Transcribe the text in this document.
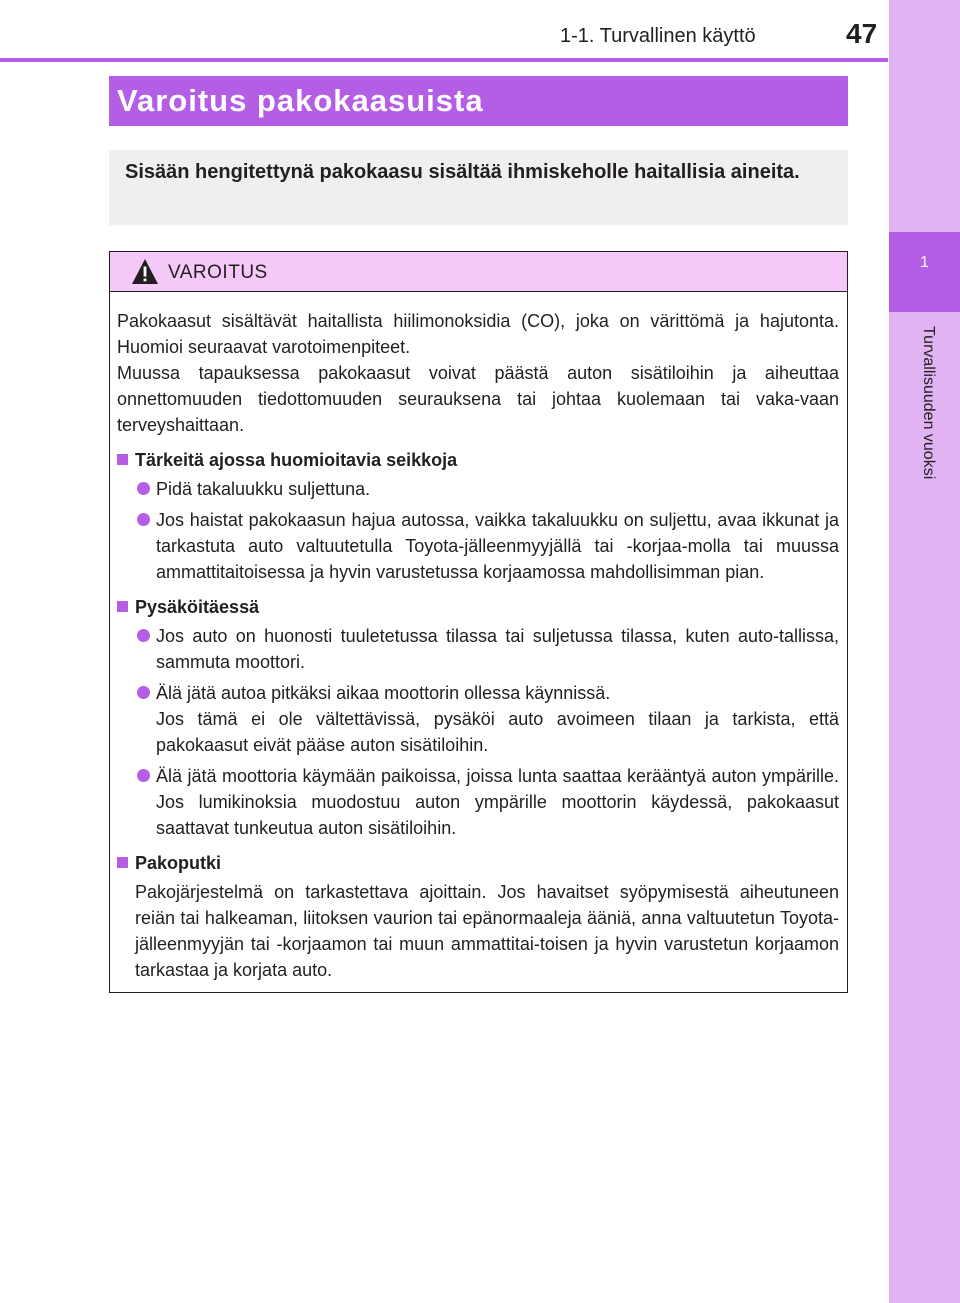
1-1. Turvallinen käyttö	47
1
Turvallisuuden vuoksi
Varoitus pakokaasuista
Sisään hengitettynä pakokaasu sisältää ihmiskeholle haitallisia aineita.
VAROITUS

Pakokaasut sisältävät haitallista hiilimonoksidia (CO), joka on värittömä ja hajutonta. Huomioi seuraavat varotoimenpiteet.
Muussa tapauksessa pakokaasut voivat päästä auton sisätiloihin ja aiheuttaa onnettomuuden tiedottomuuden seurauksena tai johtaa kuolemaan tai vaka-vaan terveyshaittaan.

Tärkeitä ajossa huomioitavia seikkoja

Pidä takaluukku suljettuna.

Jos haistat pakokaasun hajua autossa, vaikka takaluukku on suljettu, avaa ikkunat ja tarkastuta auto valtuutetulla Toyota-jälleenmyyjällä tai -korjaa-molla tai muussa ammattitaitoisessa ja hyvin varustetussa korjaamossa mahdollisimman pian.

Pysäköitäessä

Jos auto on huonosti tuuletetussa tilassa tai suljetussa tilassa, kuten auto-tallissa, sammuta moottori.

Älä jätä autoa pitkäksi aikaa moottorin ollessa käynnissä.
Jos tämä ei ole vältettävissä, pysäköi auto avoimeen tilaan ja tarkista, että pakokaasut eivät pääse auton sisätiloihin.

Älä jätä moottoria käymään paikoissa, joissa lunta saattaa kerääntyä auton ympärille. Jos lumikinoksia muodostuu auton ympärille moottorin käydessä, pakokaasut saattavat tunkeutua auton sisätiloihin.

Pakoputki

Pakojärjestelmä on tarkastettava ajoittain. Jos havaitset syöpymisestä aiheutuneen reiän tai halkeaman, liitoksen vaurion tai epänormaaleja ääniä, anna valtuutetun Toyota-jälleenmyyjän tai -korjaamon tai muun ammattitai-toisen ja hyvin varustetun korjaamon tarkastaa ja korjata auto.
